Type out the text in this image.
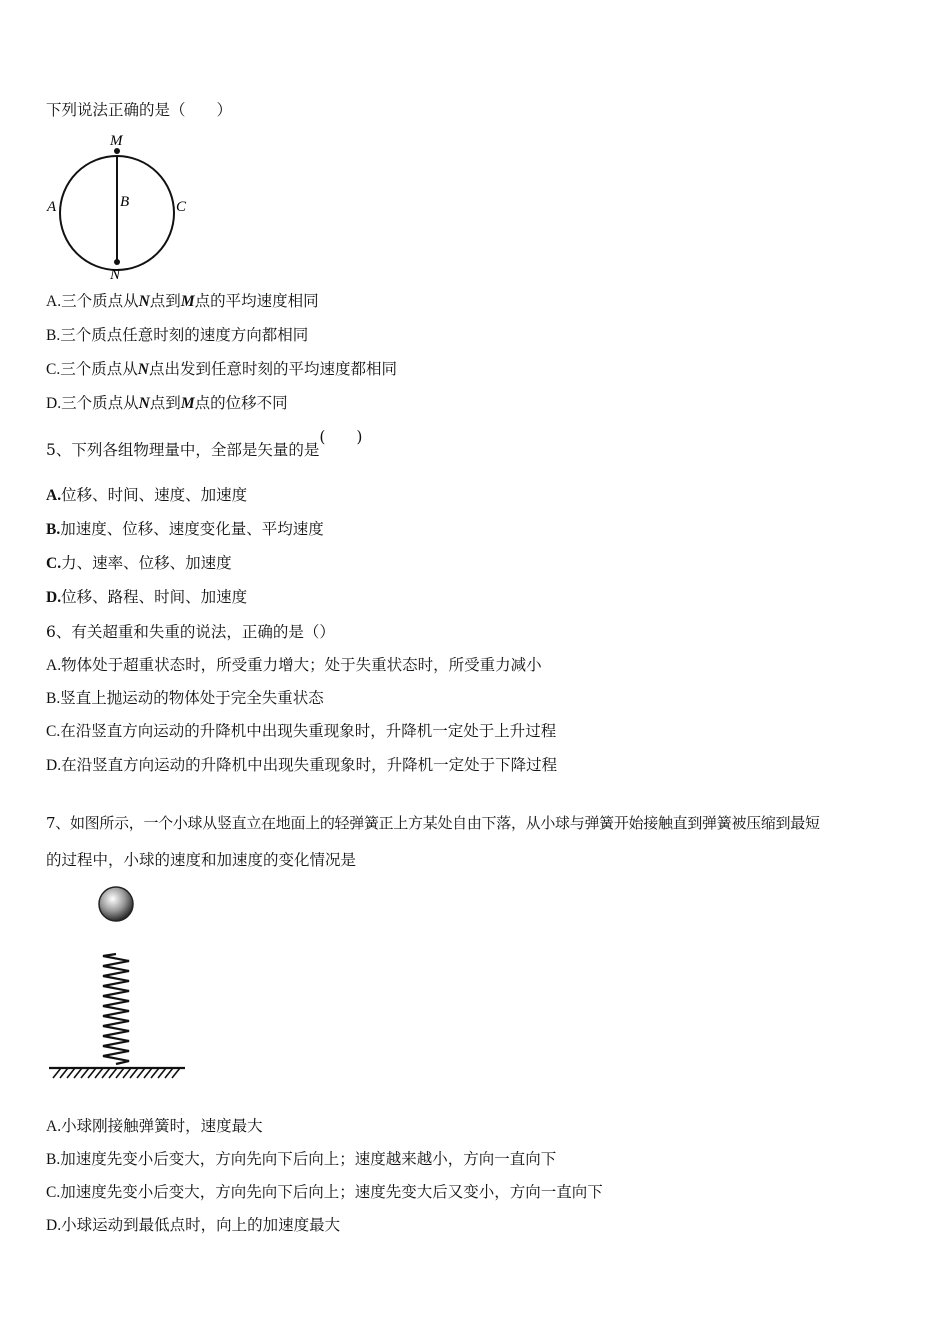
下列说法正确的是（　　）
M
N
A	B	C
A.三个质点从N点到M点的平均速度相同
B.三个质点任意时刻的速度方向都相同
C.三个质点从N点出发到任意时刻的平均速度都相同
D.三个质点从N点到M点的位移不同
5、下列各组物理量中，全部是矢量的是(　　)
A.位移、时间、速度、加速度
B.加速度、位移、速度变化量、平均速度
C.力、速率、位移、加速度
D.位移、路程、时间、加速度
6、有关超重和失重的说法，正确的是（）
A.物体处于超重状态时，所受重力增大；处于失重状态时，所受重力减小
B.竖直上抛运动的物体处于完全失重状态
C.在沿竖直方向运动的升降机中出现失重现象时，升降机一定处于上升过程
D.在沿竖直方向运动的升降机中出现失重现象时，升降机一定处于下降过程
7、如图所示，一个小球从竖直立在地面上的轻弹簧正上方某处自由下落，从小球与弹簧开始接触直到弹簧被压缩到最短
的过程中，小球的速度和加速度的变化情况是
A.小球刚接触弹簧时，速度最大
B.加速度先变小后变大，方向先向下后向上；速度越来越小，方向一直向下
C.加速度先变小后变大，方向先向下后向上；速度先变大后又变小，方向一直向下
D.小球运动到最低点时，向上的加速度最大
